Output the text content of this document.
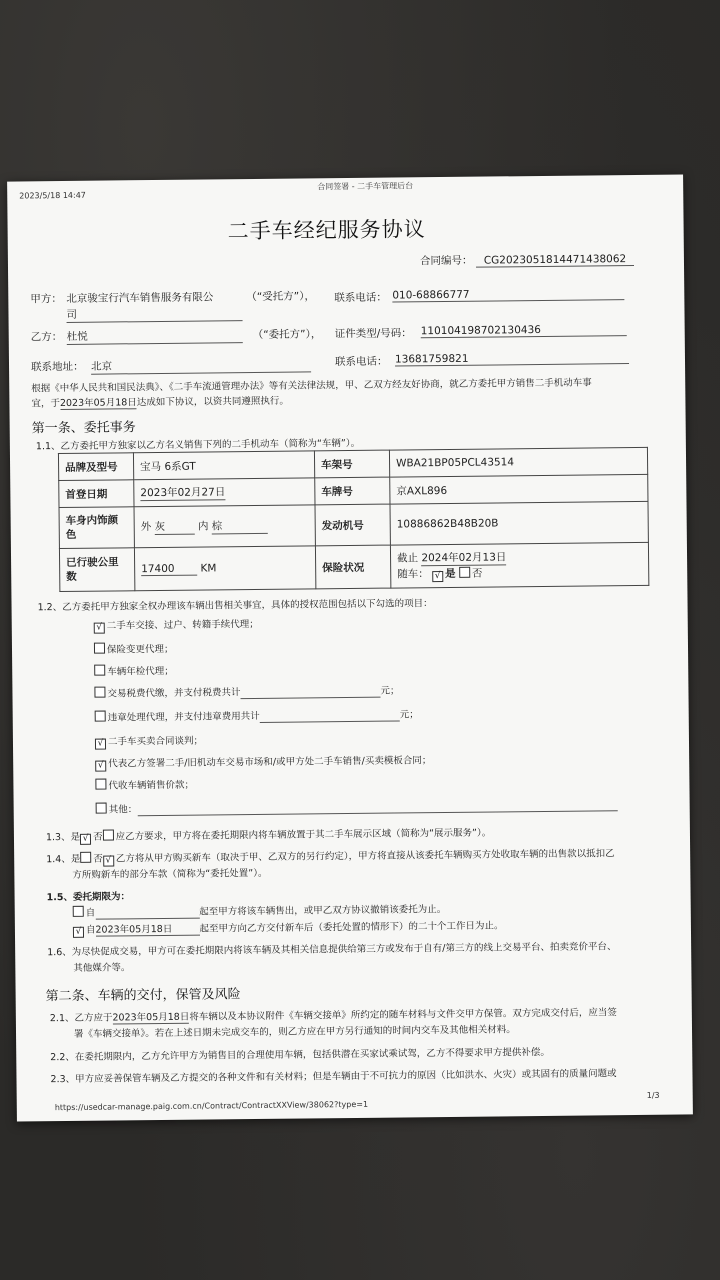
2023/5/18 14:47
合同签署 - 二手车管理后台
二手车经纪服务协议
合同编号： CG2023051814471438062
甲方： 北京骏宝行汽车销售服务有限公	（“受托方”），
司
联系电话： 010-68866777
乙方： 杜悦	（“委托方”）， 证件类型/号码： 110104198702130436
联系地址： 北京	联系电话： 13681759821
根据《中华人民共和国民法典》、《二手车流通管理办法》等有关法律法规，甲、乙双方经友好协商，就乙方委托甲方销售二手机动车事
宜，于2023年05月18日达成如下协议，以资共同遵照执行。
第一条、委托事务
1.1、乙方委托甲方独家以乙方名义销售下列的二手机动车（简称为“车辆”）。
品牌及型号	宝马 6系GT	车架号	WBA21BP05PCL43514
首登日期	2023年02月27日	车牌号	京AXL896
车身内饰颜色	外 灰 内 棕	发动机号	10886862B48B20B
已行驶公里数	17400 KM	保险状况	截止 2024年02月13日
随车： √ 是 否
1.2、乙方委托甲方独家全权办理该车辆出售相关事宜，具体的授权范围包括以下勾选的项目：
√ 二手车交接、过户、转籍手续代理；
保险变更代理；
车辆年检代理；
交易税费代缴，并支付税费共计	元；
违章处理代理，并支付违章费用共计	元；
√ 二手车买卖合同谈判；
√ 代表乙方签署二手/旧机动车交易市场和/或甲方处二手车销售/买卖模板合同；
代收车辆销售价款；
其他：
1.3、是 √ 否 应乙方要求，甲方将在委托期限内将车辆放置于其二手车展示区域（简称为“展示服务”）。
1.4、是 否 √ 乙方将从甲方购买新车（取决于甲、乙双方的另行约定），甲方将直接从该委托车辆购买方处收取车辆的出售款以抵扣乙
方所购新车的部分车款（简称为“委托处置”）。
1.5、委托期限为：
自	起至甲方将该车辆售出，或甲乙双方协议撤销该委托为止。
√ 自2023年05月18日	起至甲方向乙方交付新车后（委托处置的情形下）的二十个工作日为止。
1.6、为尽快促成交易，甲方可在委托期限内将该车辆及其相关信息提供给第三方或发布于自有/第三方的线上交易平台、拍卖竞价平台、
其他媒介等。
第二条、车辆的交付，保管及风险
2.1、乙方应于2023年05月18日将车辆以及本协议附件《车辆交接单》所约定的随车材料与文件交甲方保管。双方完成交付后，应当签
署《车辆交接单》。若在上述日期未完成交车的，则乙方应在甲方另行通知的时间内交车及其他相关材料。
2.2、在委托期限内，乙方允许甲方为销售目的合理使用车辆，包括供潜在买家试乘试驾，乙方不得要求甲方提供补偿。
2.3、甲方应妥善保管车辆及乙方提交的各种文件和有关材料；但是车辆由于不可抗力的原因（比如洪水、火灾）或其固有的质量问题或
https://usedcar-manage.paig.com.cn/Contract/ContractXXView/38062?type=1
1/3
